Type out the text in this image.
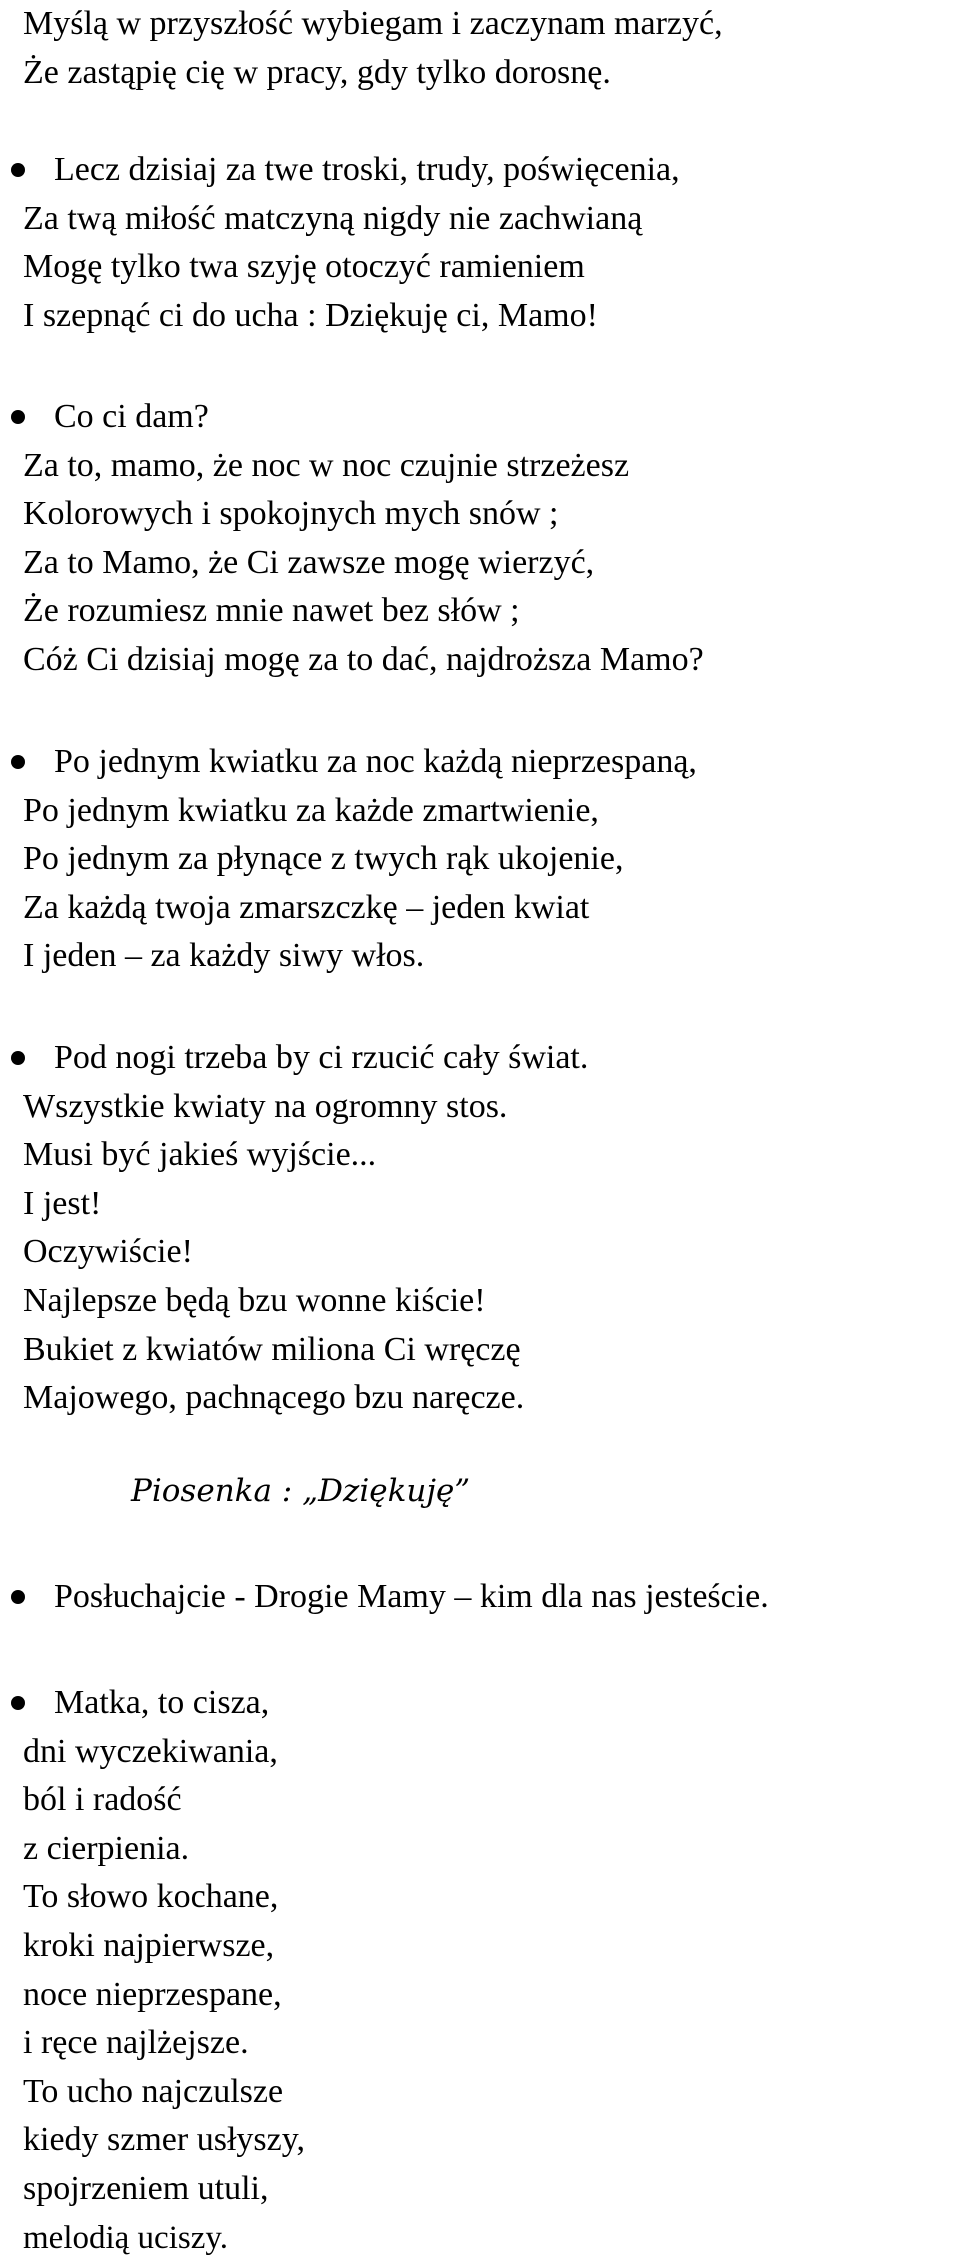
Myślą w przyszłość wybiegam i zaczynam marzyć,
Że zastąpię cię w pracy, gdy tylko dorosnę.
Lecz dzisiaj za twe troski, trudy, poświęcenia,
Za twą miłość matczyną nigdy nie zachwianą
Mogę tylko twa szyję otoczyć ramieniem
I szepnąć ci do ucha : Dziękuję ci, Mamo!
Co ci dam?
Za to, mamo, że noc w noc czujnie strzeżesz
Kolorowych i spokojnych mych snów ;
Za to Mamo, że Ci zawsze mogę wierzyć,
Że rozumiesz mnie nawet bez słów ;
Cóż Ci dzisiaj mogę za to dać, najdroższa Mamo?
Po jednym kwiatku za noc każdą nieprzespaną,
Po jednym kwiatku za każde zmartwienie,
Po jednym za płynące z twych rąk ukojenie,
Za każdą twoja zmarszczkę – jeden kwiat
I jeden – za każdy siwy włos.
Pod nogi trzeba by ci rzucić cały świat.
Wszystkie kwiaty na ogromny stos.
Musi być jakieś wyjście...
I jest!
Oczywiście!
Najlepsze będą bzu wonne kiście!
Bukiet z kwiatów miliona Ci wręczę
Majowego, pachnącego bzu naręcze.
Piosenka : „Dziękuję”
Posłuchajcie - Drogie Mamy – kim dla nas jesteście.
Matka, to cisza,
dni wyczekiwania,
ból i radość
z cierpienia.
To słowo kochane,
kroki najpierwsze,
noce nieprzespane,
i ręce najlżejsze.
To ucho najczulsze
kiedy szmer usłyszy,
spojrzeniem utuli,
melodią uciszy.
